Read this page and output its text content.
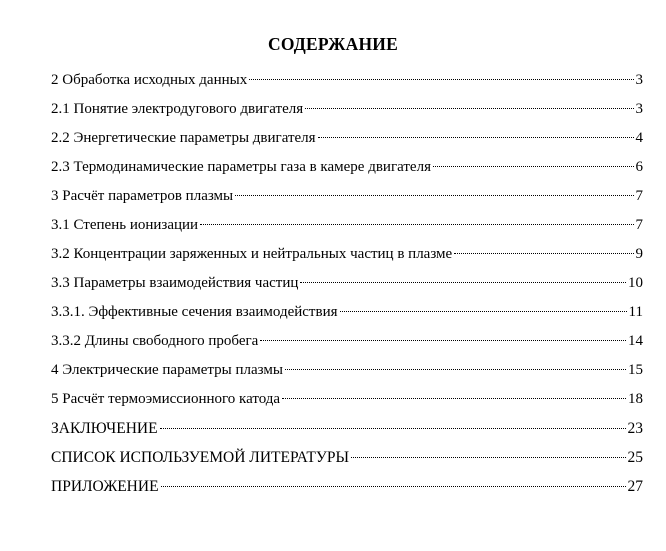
СОДЕРЖАНИЕ
2 Обработка исходных данных	3
2.1 Понятие электродугового двигателя	3
2.2 Энергетические параметры двигателя	4
2.3 Термодинамические параметры газа в камере двигателя	6
3 Расчёт параметров плазмы	7
3.1 Степень ионизации	7
3.2 Концентрации заряженных и нейтральных частиц в плазме	9
3.3 Параметры взаимодействия частиц	10
3.3.1. Эффективные сечения взаимодействия	11
3.3.2 Длины свободного пробега	14
4 Электрические параметры плазмы	15
5 Расчёт термоэмиссионного катода	18
ЗАКЛЮЧЕНИЕ	23
СПИСОК ИСПОЛЬЗУЕМОЙ ЛИТЕРАТУРЫ	25
ПРИЛОЖЕНИЕ	27
